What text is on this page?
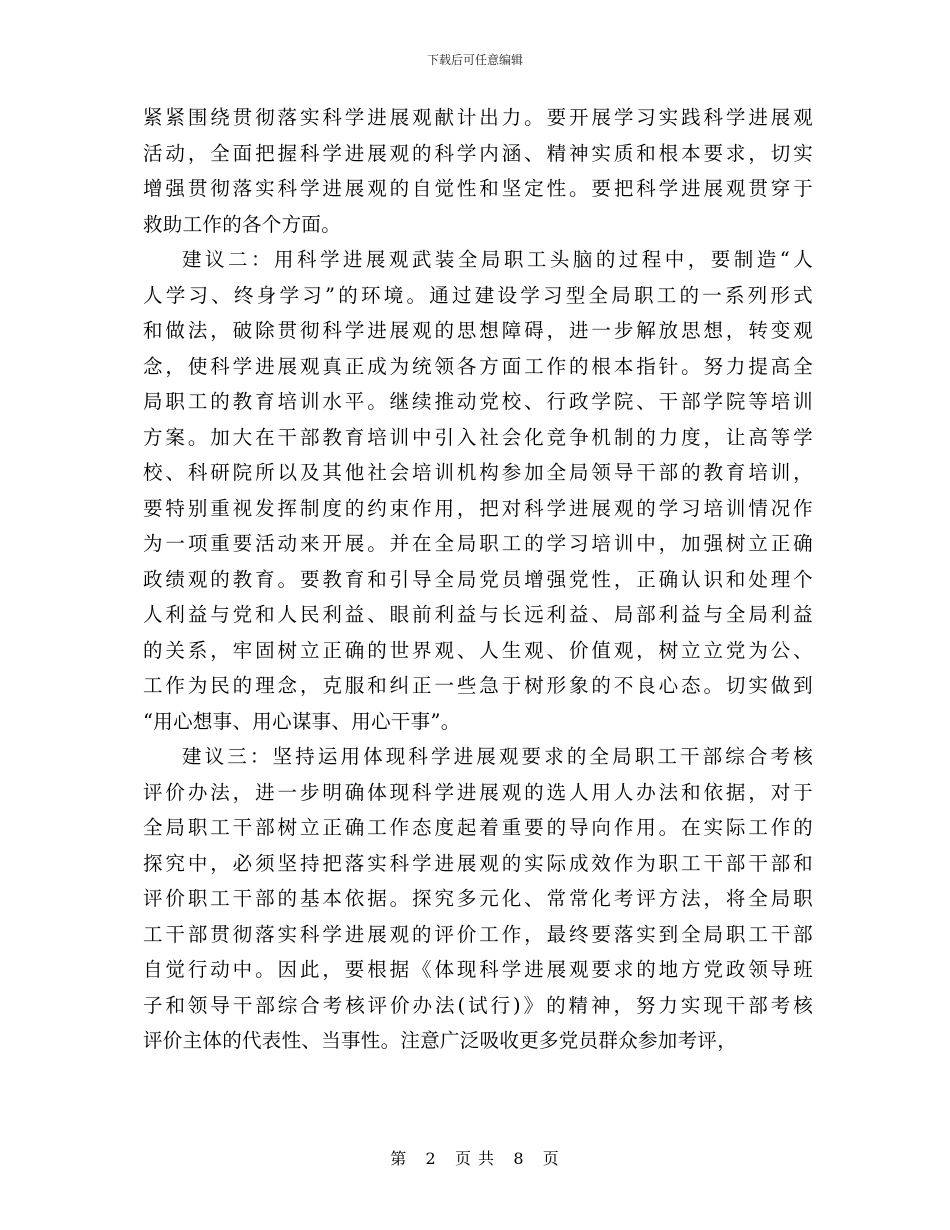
下载后可任意编辑
紧紧围绕贯彻落实科学进展观献计出力。要开展学习实践科学进展观
活动，全面把握科学进展观的科学内涵、精神实质和根本要求，切实
增强贯彻落实科学进展观的自觉性和坚定性。要把科学进展观贯穿于
救助工作的各个方面。
建议二：用科学进展观武装全局职工头脑的过程中，要制造“人
人学习、终身学习”的环境。通过建设学习型全局职工的一系列形式
和做法，破除贯彻科学进展观的思想障碍，进一步解放思想，转变观
念，使科学进展观真正成为统领各方面工作的根本指针。努力提高全
局职工的教育培训水平。继续推动党校、行政学院、干部学院等培训
方案。加大在干部教育培训中引入社会化竞争机制的力度，让高等学
校、科研院所以及其他社会培训机构参加全局领导干部的教育培训，
要特别重视发挥制度的约束作用，把对科学进展观的学习培训情况作
为一项重要活动来开展。并在全局职工的学习培训中，加强树立正确
政绩观的教育。要教育和引导全局党员增强党性，正确认识和处理个
人利益与党和人民利益、眼前利益与长远利益、局部利益与全局利益
的关系，牢固树立正确的世界观、人生观、价值观，树立立党为公、
工作为民的理念，克服和纠正一些急于树形象的不良心态。切实做到
“用心想事、用心谋事、用心干事”。
建议三：坚持运用体现科学进展观要求的全局职工干部综合考核
评价办法，进一步明确体现科学进展观的选人用人办法和依据，对于
全局职工干部树立正确工作态度起着重要的导向作用。在实际工作的
探究中，必须坚持把落实科学进展观的实际成效作为职工干部干部和
评价职工干部的基本依据。探究多元化、常常化考评方法，将全局职
工干部贯彻落实科学进展观的评价工作，最终要落实到全局职工干部
自觉行动中。因此，要根据《体现科学进展观要求的地方党政领导班
子和领导干部综合考核评价办法(试行)》的精神，努力实现干部考核
评价主体的代表性、当事性。注意广泛吸收更多党员群众参加考评，
第 2 页 共 8 页
